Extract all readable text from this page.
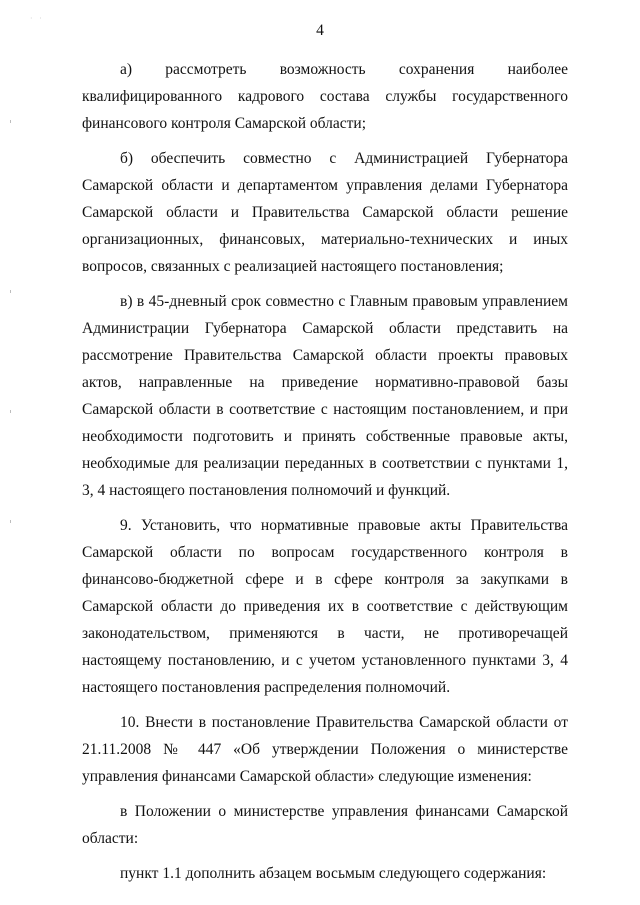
· ·
4

а) рассмотреть возможность сохранения наиболее квалифицированного кадрового состава службы государственного финансового контроля Самарской области;

б) обеспечить совместно с Администрацией Губернатора Самарской области и департаментом управления делами Губернатора Самарской области и Правительства Самарской области решение организационных, финансовых, материально-технических и иных вопросов, связанных с реализацией настоящего постановления;

в) в 45-дневный срок совместно с Главным правовым управлением Администрации Губернатора Самарской области представить на рассмотрение Правительства Самарской области проекты правовых актов, направленные на приведение нормативно-правовой базы Самарской области в соответствие с настоящим постановлением, и при необходимости подготовить и принять собственные правовые акты, необходимые для реализации переданных в соответствии с пунктами 1, 3, 4 настоящего постановления полномочий и функций.

9. Установить, что нормативные правовые акты Правительства Самарской области по вопросам государственного контроля в финансово-бюджетной сфере и в сфере контроля за закупками в Самарской области до приведения их в соответствие с действующим законодательством, применяются в части, не противоречащей настоящему постановлению, и с учетом установленного пунктами 3, 4 настоящего постановления распределения полномочий.

10. Внести в постановление Правительства Самарской области от 21.11.2008 № 447 «Об утверждении Положения о министерстве управления финансами Самарской области» следующие изменения:

в Положении о министерстве управления финансами Самарской области:

пункт 1.1 дополнить абзацем восьмым следующего содержания:
